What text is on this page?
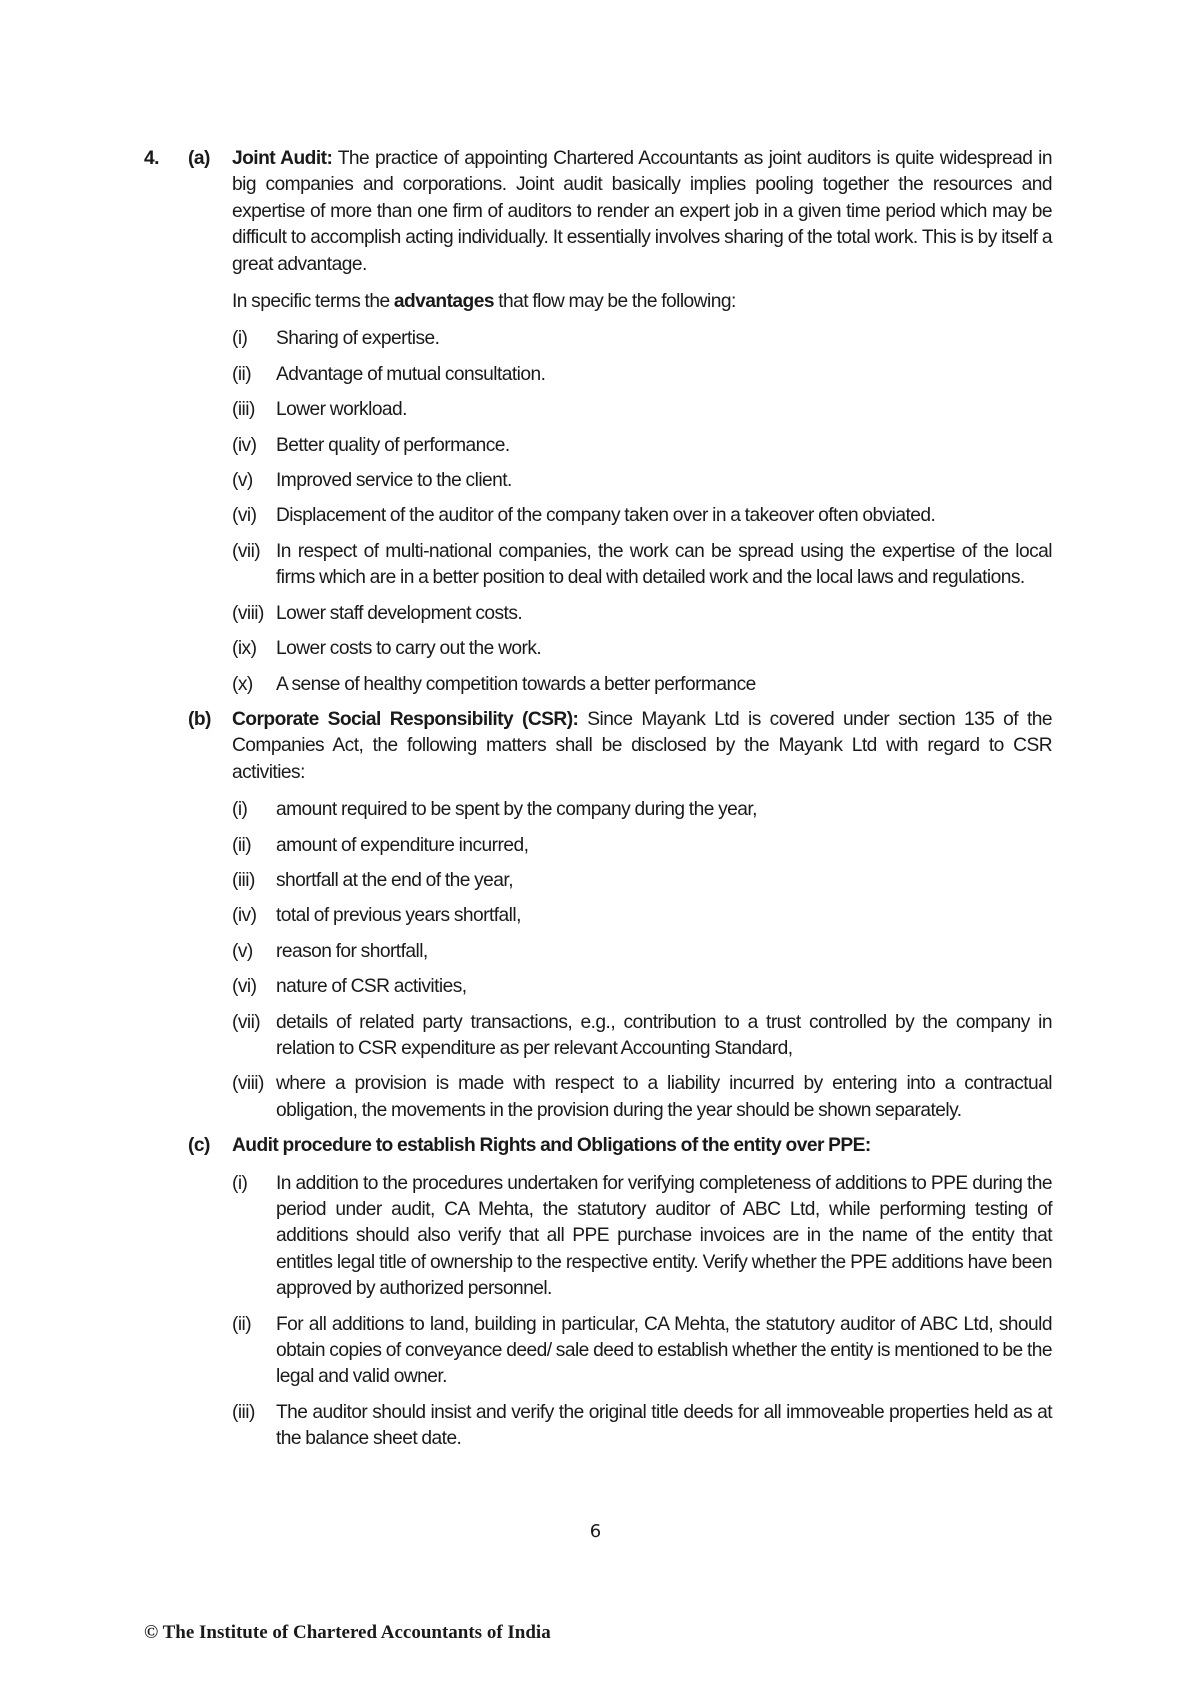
4. (a) Joint Audit: The practice of appointing Chartered Accountants as joint auditors is quite widespread in big companies and corporations. Joint audit basically implies pooling together the resources and expertise of more than one firm of auditors to render an expert job in a given time period which may be difficult to accomplish acting individually. It essentially involves sharing of the total work. This is by itself a great advantage.
In specific terms the advantages that flow may be the following:
(i) Sharing of expertise.
(ii) Advantage of mutual consultation.
(iii) Lower workload.
(iv) Better quality of performance.
(v) Improved service to the client.
(vi) Displacement of the auditor of the company taken over in a takeover often obviated.
(vii) In respect of multi-national companies, the work can be spread using the expertise of the local firms which are in a better position to deal with detailed work and the local laws and regulations.
(viii) Lower staff development costs.
(ix) Lower costs to carry out the work.
(x) A sense of healthy competition towards a better performance
(b) Corporate Social Responsibility (CSR): Since Mayank Ltd is covered under section 135 of the Companies Act, the following matters shall be disclosed by the Mayank Ltd with regard to CSR activities:
(i) amount required to be spent by the company during the year,
(ii) amount of expenditure incurred,
(iii) shortfall at the end of the year,
(iv) total of previous years shortfall,
(v) reason for shortfall,
(vi) nature of CSR activities,
(vii) details of related party transactions, e.g., contribution to a trust controlled by the company in relation to CSR expenditure as per relevant Accounting Standard,
(viii) where a provision is made with respect to a liability incurred by entering into a contractual obligation, the movements in the provision during the year should be shown separately.
(c) Audit procedure to establish Rights and Obligations of the entity over PPE:
(i) In addition to the procedures undertaken for verifying completeness of additions to PPE during the period under audit, CA Mehta, the statutory auditor of ABC Ltd, while performing testing of additions should also verify that all PPE purchase invoices are in the name of the entity that entitles legal title of ownership to the respective entity. Verify whether the PPE additions have been approved by authorized personnel.
(ii) For all additions to land, building in particular, CA Mehta, the statutory auditor of ABC Ltd, should obtain copies of conveyance deed/ sale deed to establish whether the entity is mentioned to be the legal and valid owner.
(iii) The auditor should insist and verify the original title deeds for all immoveable properties held as at the balance sheet date.
6
© The Institute of Chartered Accountants of India
